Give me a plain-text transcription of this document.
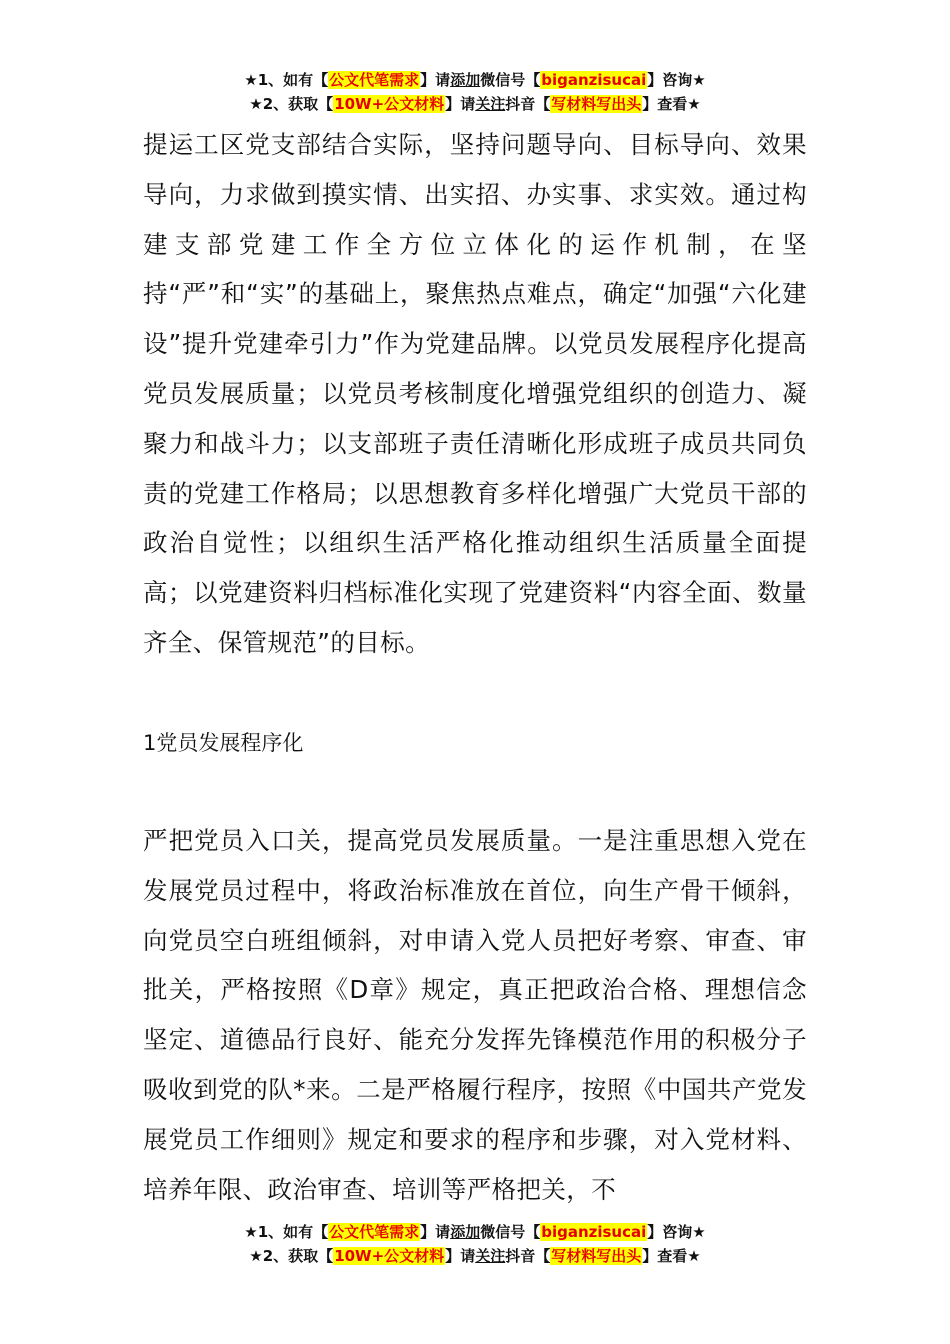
★1、如有【公文代笔需求】请添加微信号【biganzisucai】咨询★
★2、获取【10W+公文材料】请关注抖音【写材料写出头】查看★

提运工区党支部结合实际，坚持问题导向、目标导向、效果导向，力求做到摸实情、出实招、办实事、求实效。通过构建支部党建工作全方位立体化的运作机制，在坚持“严”和“实”的基础上，聚焦热点难点，确定“加强“六化建设”提升党建牵引力”作为党建品牌。以党员发展程序化提高党员发展质量；以党员考核制度化增强党组织的创造力、凝聚力和战斗力；以支部班子责任清晰化形成班子成员共同负责的党建工作格局；以思想教育多样化增强广大党员干部的政治自觉性；以组织生活严格化推动组织生活质量全面提高；以党建资料归档标准化实现了党建资料“内容全面、数量齐全、保管规范”的目标。

1党员发展程序化

严把党员入口关，提高党员发展质量。一是注重思想入党在发展党员过程中，将政治标准放在首位，向生产骨干倾斜，向党员空白班组倾斜，对申请入党人员把好考察、审查、审批关，严格按照《D章》规定，真正把政治合格、理想信念坚定、道德品行良好、能充分发挥先锋模范作用的积极分子吸收到党的队*来。二是严格履行程序，按照《中国共产党发展党员工作细则》规定和要求的程序和步骤，对入党材料、培养年限、政治审查、培训等严格把关，不

★1、如有【公文代笔需求】请添加微信号【biganzisucai】咨询★
★2、获取【10W+公文材料】请关注抖音【写材料写出头】查看★
